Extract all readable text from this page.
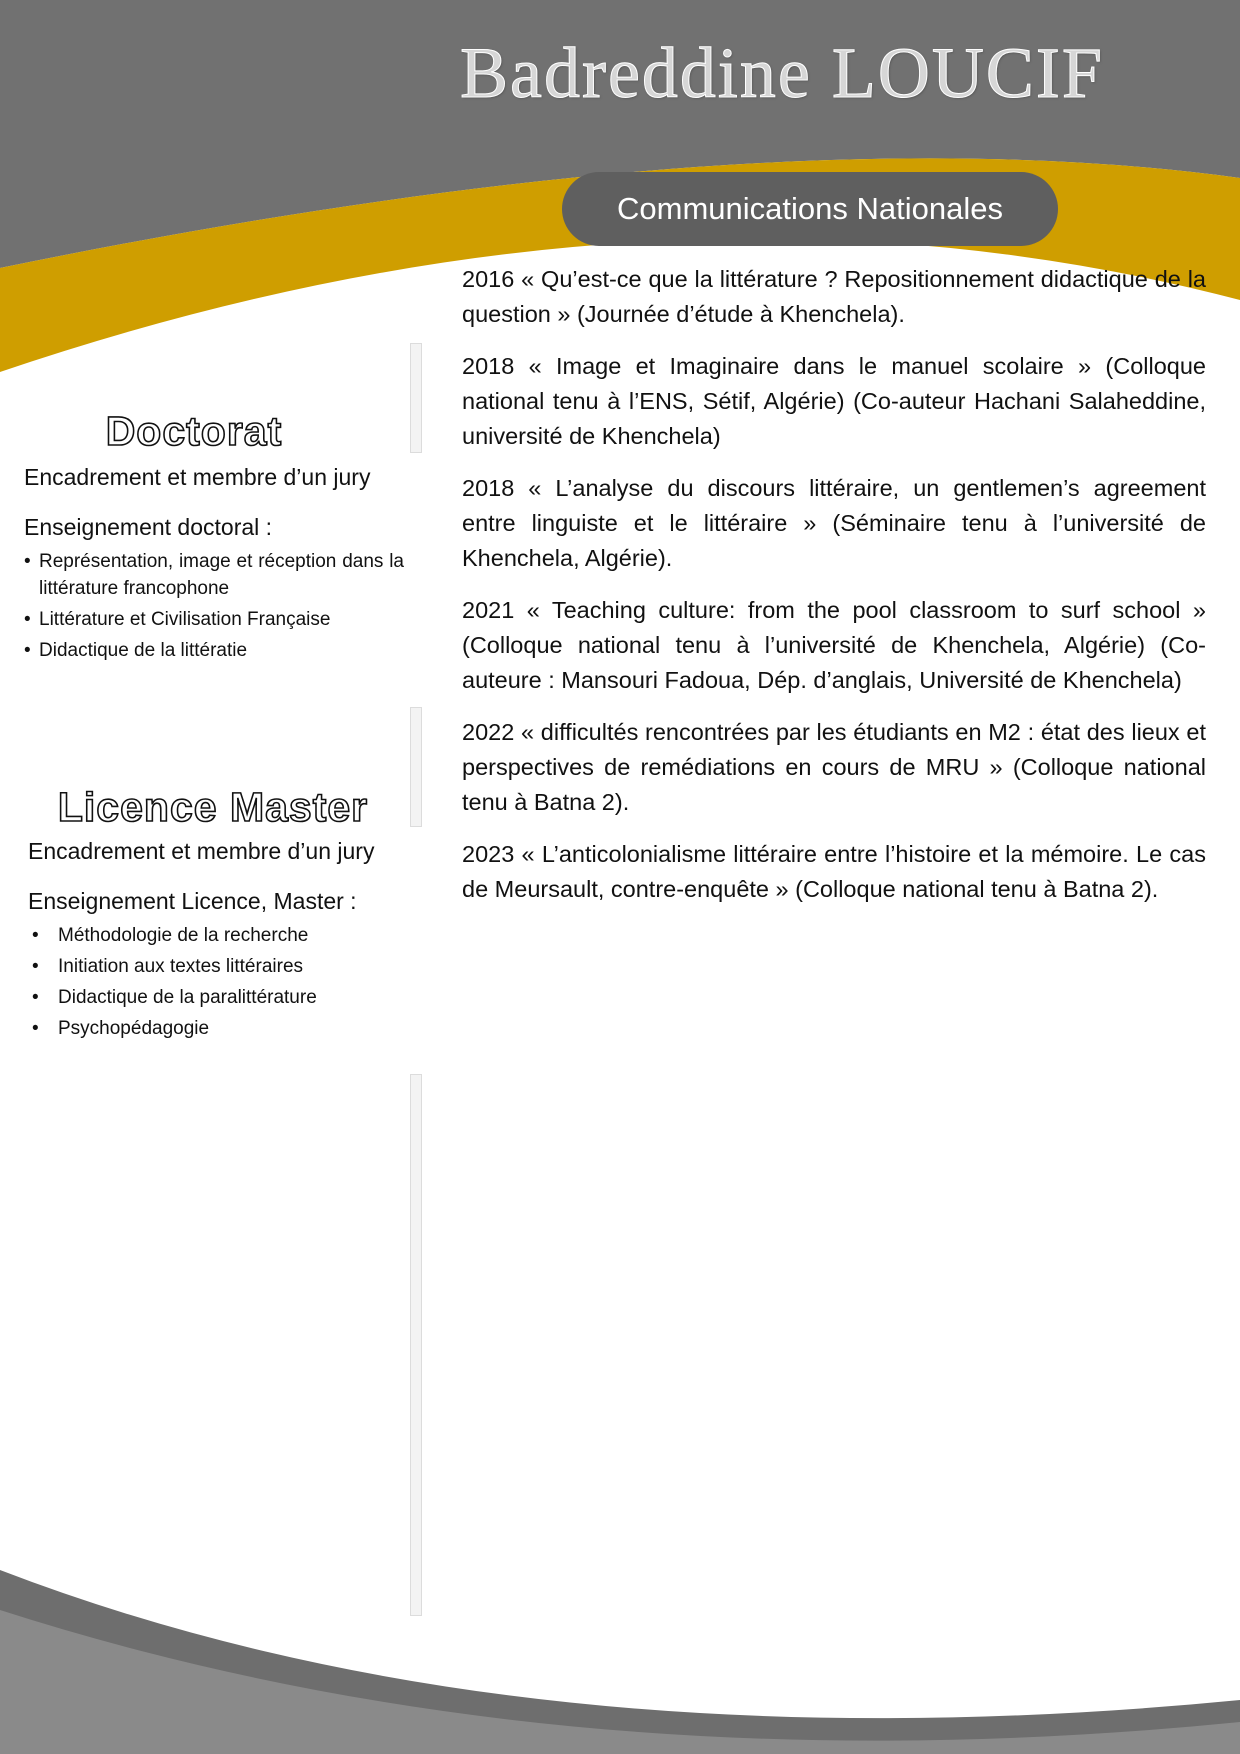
Badreddine LOUCIF
Communications Nationales

2016 « Qu’est-ce que la littérature ? Repositionnement didactique de la question » (Journée d’étude à Khenchela).

2018 « Image et Imaginaire dans le manuel scolaire » (Colloque national tenu à l’ENS, Sétif, Algérie) (Co-auteur Hachani Salaheddine, université de Khenchela)

2018 « L’analyse du discours littéraire, un gentlemen’s agreement entre linguiste et le littéraire » (Séminaire tenu à l’université de Khenchela, Algérie).

2021 « Teaching culture: from the pool classroom to surf school » (Colloque national tenu à l’université de Khenchela, Algérie) (Co-auteure : Mansouri Fadoua, Dép. d’anglais, Université de Khenchela)

2022 « difficultés rencontrées par les étudiants en M2 : état des lieux et perspectives de remédiations en cours de MRU » (Colloque national tenu à Batna 2).

2023 « L’anticolonialisme littéraire entre l’histoire et la mémoire. Le cas de Meursault, contre-enquête » (Colloque national tenu à Batna 2).

Doctorat

Encadrement et membre d’un jury

Enseignement doctoral :

• Représentation, image et réception dans la littérature francophone
• Littérature et Civilisation Française
• Didactique de la littératie
Licence Master

Encadrement et membre d’un jury

Enseignement Licence, Master :

• Méthodologie de la recherche
• Initiation aux textes littéraires
• Didactique de la paralittérature
• Psychopédagogie
